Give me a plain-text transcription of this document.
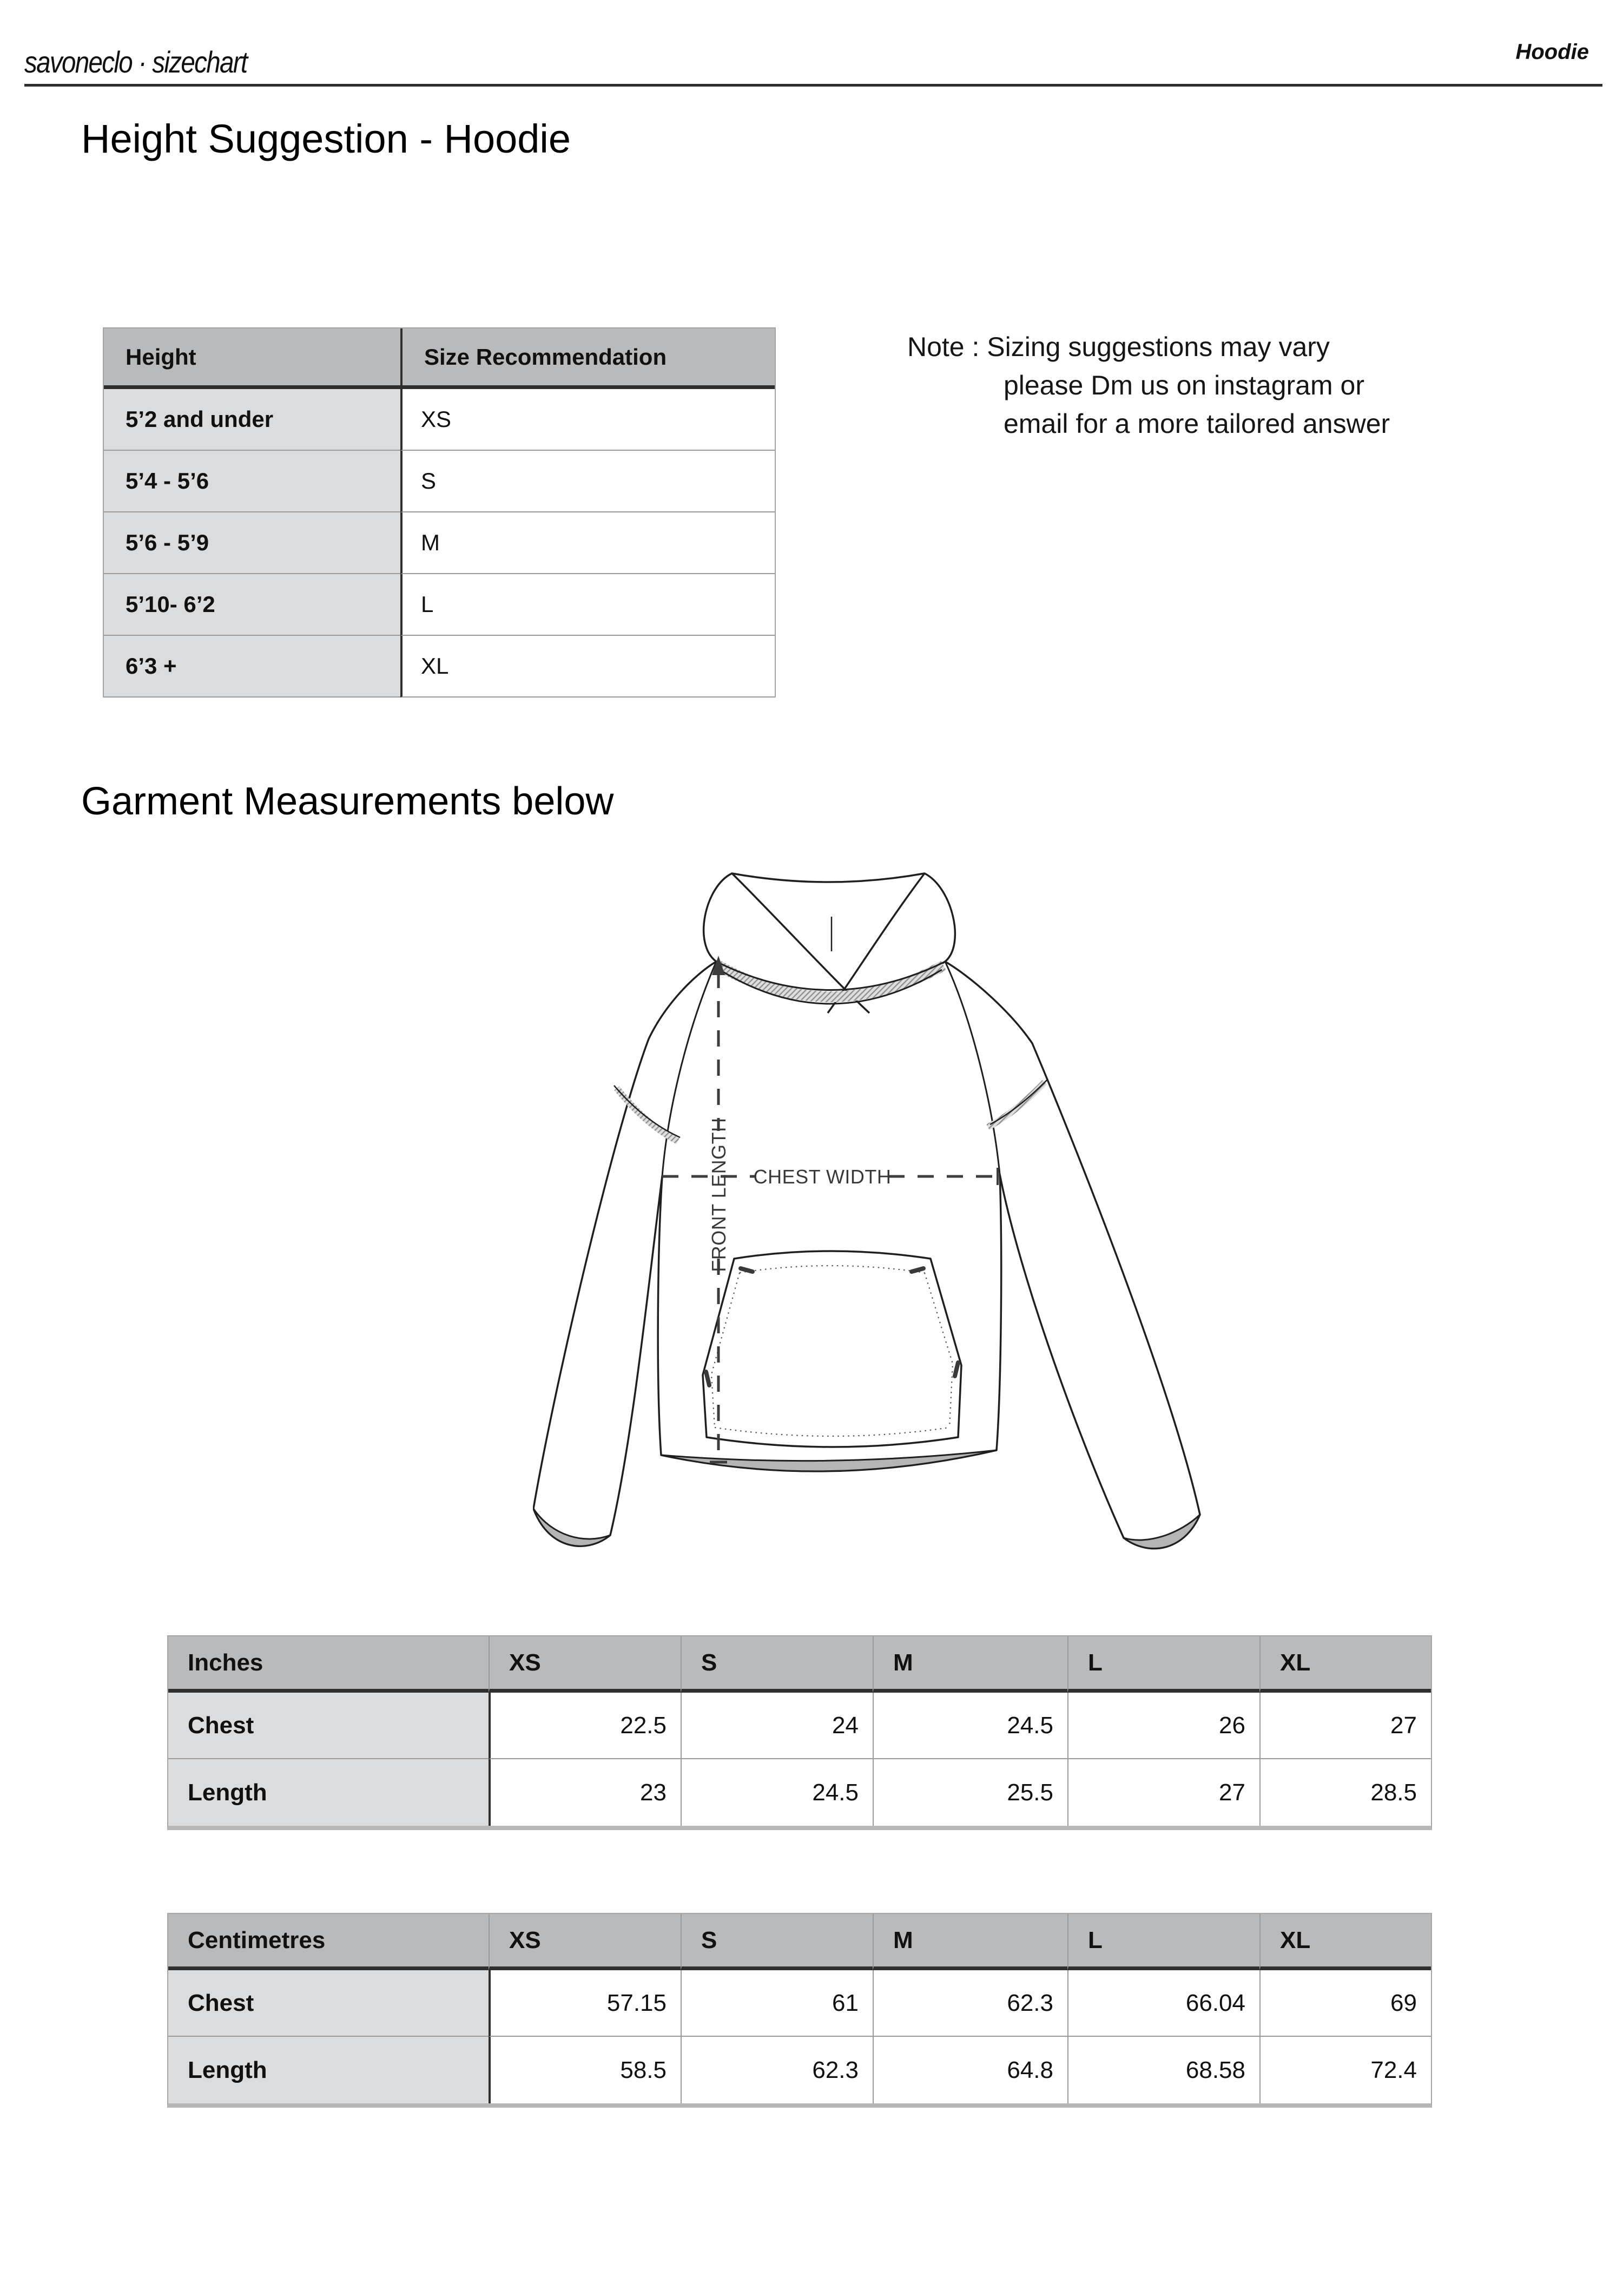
savoneclo · sizechart	Hoodie
Height Suggestion - Hoodie
Height	Size Recommendation
5’2 and under	XS
5’4 - 5’6	S
5’6 - 5’9	M
5’10- 6’2	L
6’3 +	XL
Note : Sizing suggestions may vary
please Dm us on instagram or
email for a more tailored answer
Garment Measurements below
CHEST WIDTH
FRONT LENGTH
Inches	XS	S	M	L	XL
Chest	22.5	24	24.5	26	27
Length	23	24.5	25.5	27	28.5
Centimetres	XS	S	M	L	XL
Chest	57.15	61	62.3	66.04	69
Length	58.5	62.3	64.8	68.58	72.4
